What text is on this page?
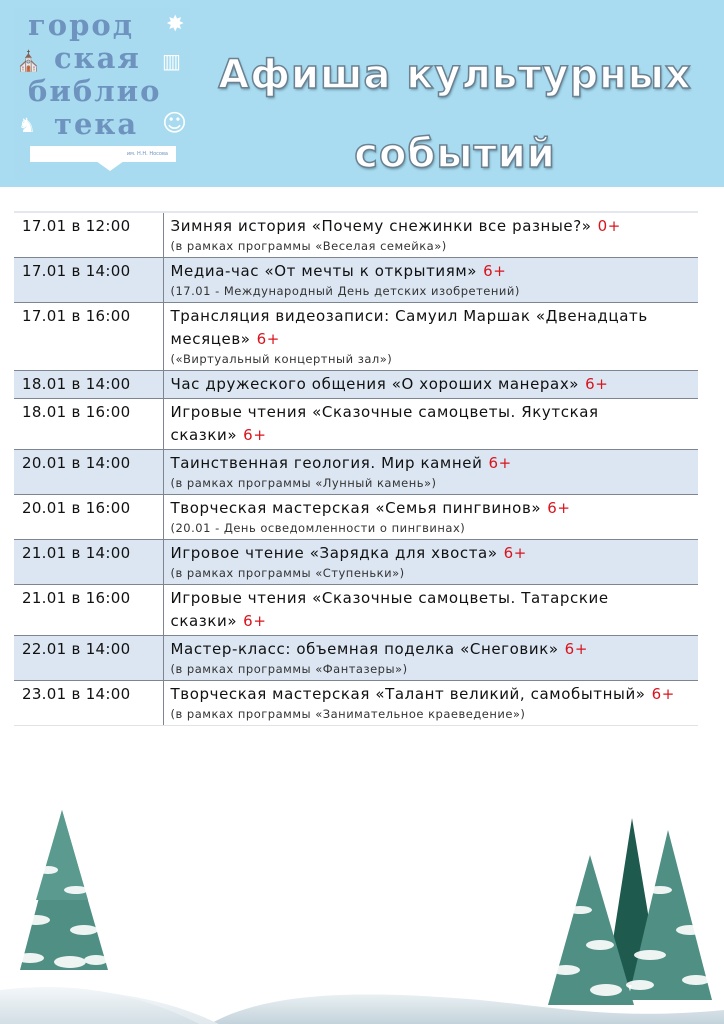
город
ская
библио
тека
✸
⛪	▥
♞	☺
им. Н.Н. Носова
Афиша культурных
событий
17.01 в 12:00	Зимняя история «Почему снежинки все разные?» 0+
(в рамках программы «Веселая семейка»)

17.01 в 14:00	Медиа-час «От мечты к открытиям» 6+
(17.01 - Международный День детских изобретений)

17.01 в 16:00	Трансляция видеозаписи: Самуил Маршак «Двенадцать месяцев» 6+
(«Виртуальный концертный зал»)

18.01 в 14:00	Час дружеского общения «О хороших манерах» 6+

18.01 в 16:00	Игровые чтения «Сказочные самоцветы. Якутская сказки» 6+

20.01 в 14:00	Таинственная геология. Мир камней 6+
(в рамках программы «Лунный камень»)

20.01 в 16:00	Творческая мастерская «Семья пингвинов» 6+
(20.01 - День осведомленности о пингвинах)

21.01 в 14:00	Игровое чтение «Зарядка для хвоста» 6+
(в рамках программы «Ступеньки»)

21.01 в 16:00	Игровые чтения «Сказочные самоцветы. Татарские сказки» 6+

22.01 в 14:00	Мастер-класс: объемная поделка «Снеговик» 6+
(в рамках программы «Фантазеры»)

23.01 в 14:00	Творческая мастерская «Талант великий, самобытный» 6+
(в рамках программы «Занимательное краеведение»)
